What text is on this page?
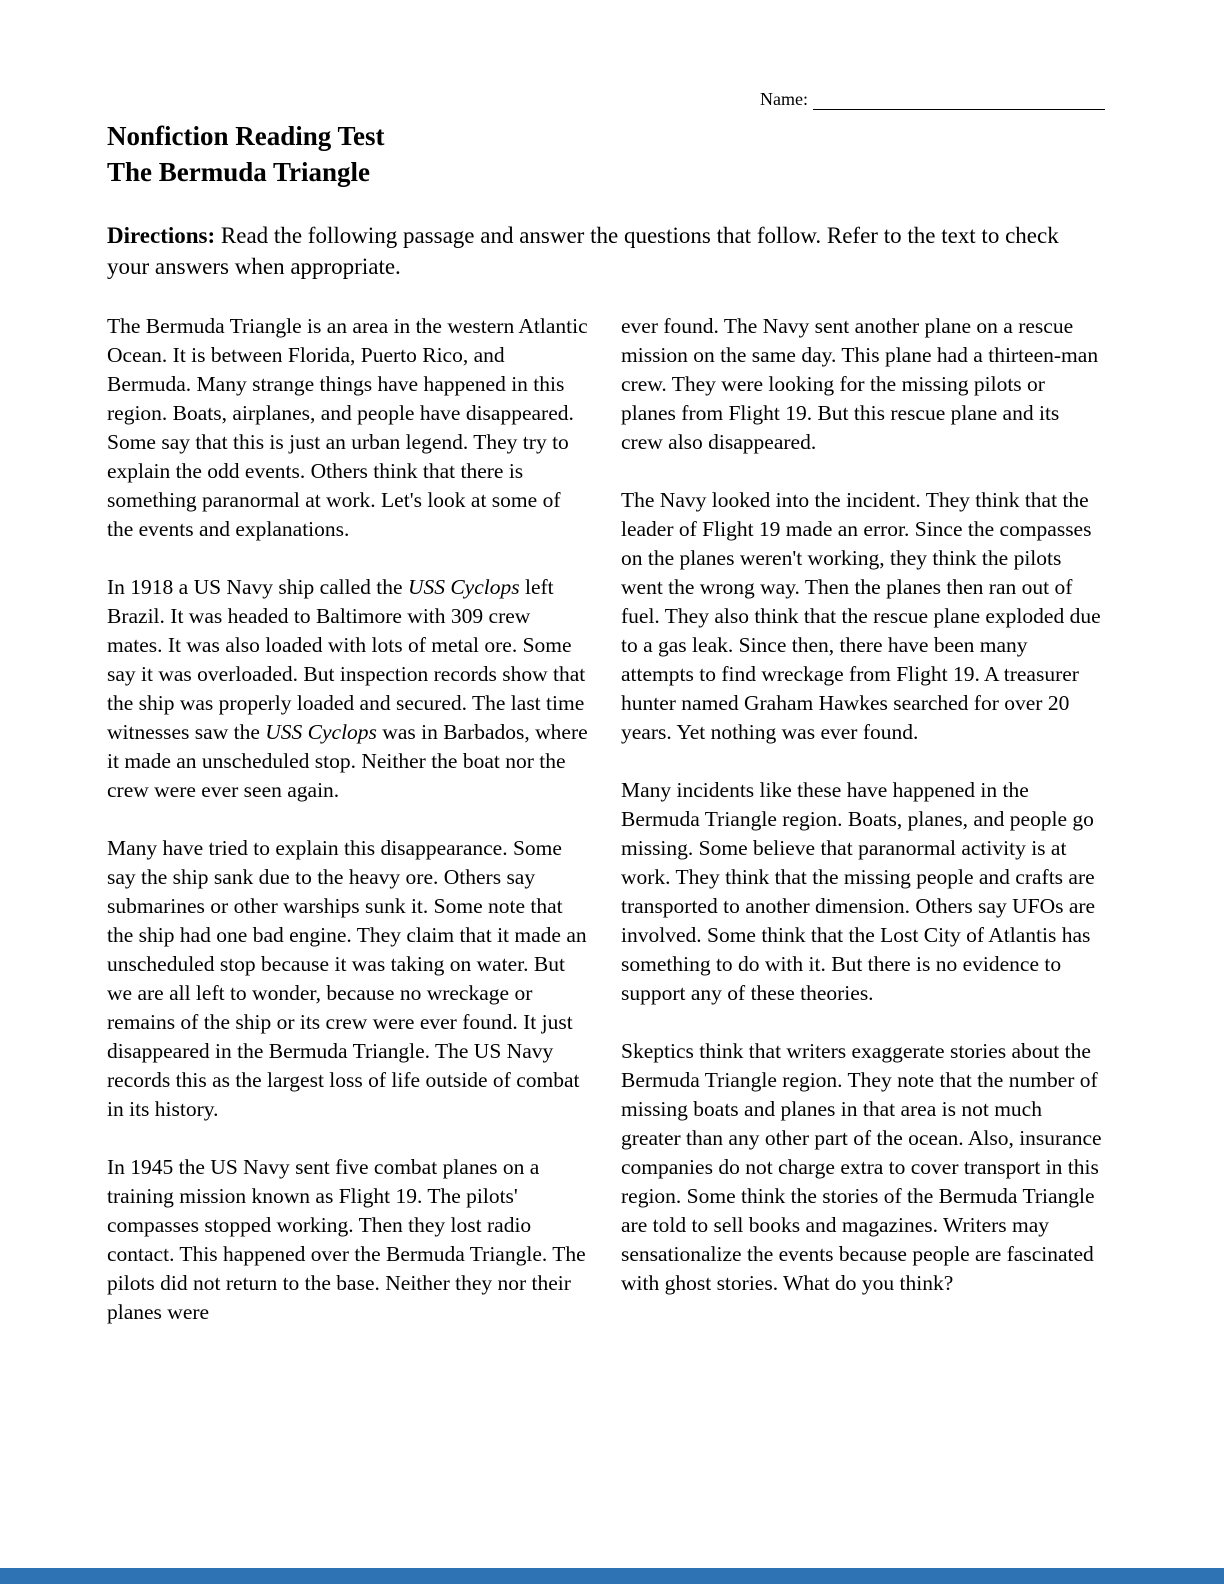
Name:
Nonfiction Reading Test
The Bermuda Triangle

Directions: Read the following passage and answer the questions that follow. Refer to the text to check your answers when appropriate.

The Bermuda Triangle is an area in the western Atlantic Ocean. It is between Florida, Puerto Rico, and Bermuda. Many strange things have happened in this region. Boats, airplanes, and people have disappeared. Some say that this is just an urban legend. They try to explain the odd events. Others think that there is something paranormal at work. Let's look at some of the events and explanations.

In 1918 a US Navy ship called the USS Cyclops left Brazil. It was headed to Baltimore with 309 crew mates. It was also loaded with lots of metal ore. Some say it was overloaded. But inspection records show that the ship was properly loaded and secured. The last time witnesses saw the USS Cyclops was in Barbados, where it made an unscheduled stop. Neither the boat nor the crew were ever seen again.

Many have tried to explain this disappearance. Some say the ship sank due to the heavy ore. Others say submarines or other warships sunk it. Some note that the ship had one bad engine. They claim that it made an unscheduled stop because it was taking on water. But we are all left to wonder, because no wreckage or remains of the ship or its crew were ever found. It just disappeared in the Bermuda Triangle. The US Navy records this as the largest loss of life outside of combat in its history.

In 1945 the US Navy sent five combat planes on a training mission known as Flight 19. The pilots' compasses stopped working. Then they lost radio contact. This happened over the Bermuda Triangle. The pilots did not return to the base. Neither they nor their planes were

ever found. The Navy sent another plane on a rescue mission on the same day. This plane had a thirteen-man crew. They were looking for the missing pilots or planes from Flight 19. But this rescue plane and its crew also disappeared.

The Navy looked into the incident. They think that the leader of Flight 19 made an error. Since the compasses on the planes weren't working, they think the pilots went the wrong way. Then the planes then ran out of fuel. They also think that the rescue plane exploded due to a gas leak. Since then, there have been many attempts to find wreckage from Flight 19. A treasurer hunter named Graham Hawkes searched for over 20 years. Yet nothing was ever found.

Many incidents like these have happened in the Bermuda Triangle region. Boats, planes, and people go missing. Some believe that paranormal activity is at work. They think that the missing people and crafts are transported to another dimension. Others say UFOs are involved. Some think that the Lost City of Atlantis has something to do with it. But there is no evidence to support any of these theories.

Skeptics think that writers exaggerate stories about the Bermuda Triangle region. They note that the number of missing boats and planes in that area is not much greater than any other part of the ocean. Also, insurance companies do not charge extra to cover transport in this region. Some think the stories of the Bermuda Triangle are told to sell books and magazines. Writers may sensationalize the events because people are fascinated with ghost stories. What do you think?
